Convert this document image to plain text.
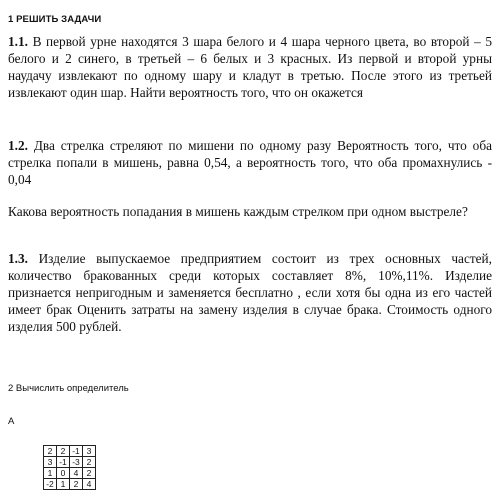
1 РЕШИТЬ ЗАДАЧИ
1.1. В первой урне находятся 3 шара белого и 4 шара черного цвета, во второй – 5 белого и 2 синего, в третьей – 6 белых и 3 красных. Из первой и второй урны наудачу извлекают по одному шару и кладут в третью. После этого из третьей извлекают один шар. Найти вероятность того, что он окажется
1.2. Два стрелка стреляют по мишени по одному разу Вероятность того, что оба стрелка попали в мишень, равна 0,54, а вероятность того, что оба промахнулись - 0,04
Какова вероятность попадания в мишень каждым стрелком при одном выстреле?
1.3. Изделие выпускаемое предприятием состоит из трех основных частей, количество бракованных среди которых составляет 8%, 10%,11%. Изделие признается непригодным и заменяется бесплатно , если хотя бы одна из его частей имеет брак Оценить затраты на замену изделия в случае брака. Стоимость одного изделия 500 рублей.
2 Вычислить определитель
А
2	2	-1	3
3	-1	-3	2
1	0	4	2
-2	1	2	4
